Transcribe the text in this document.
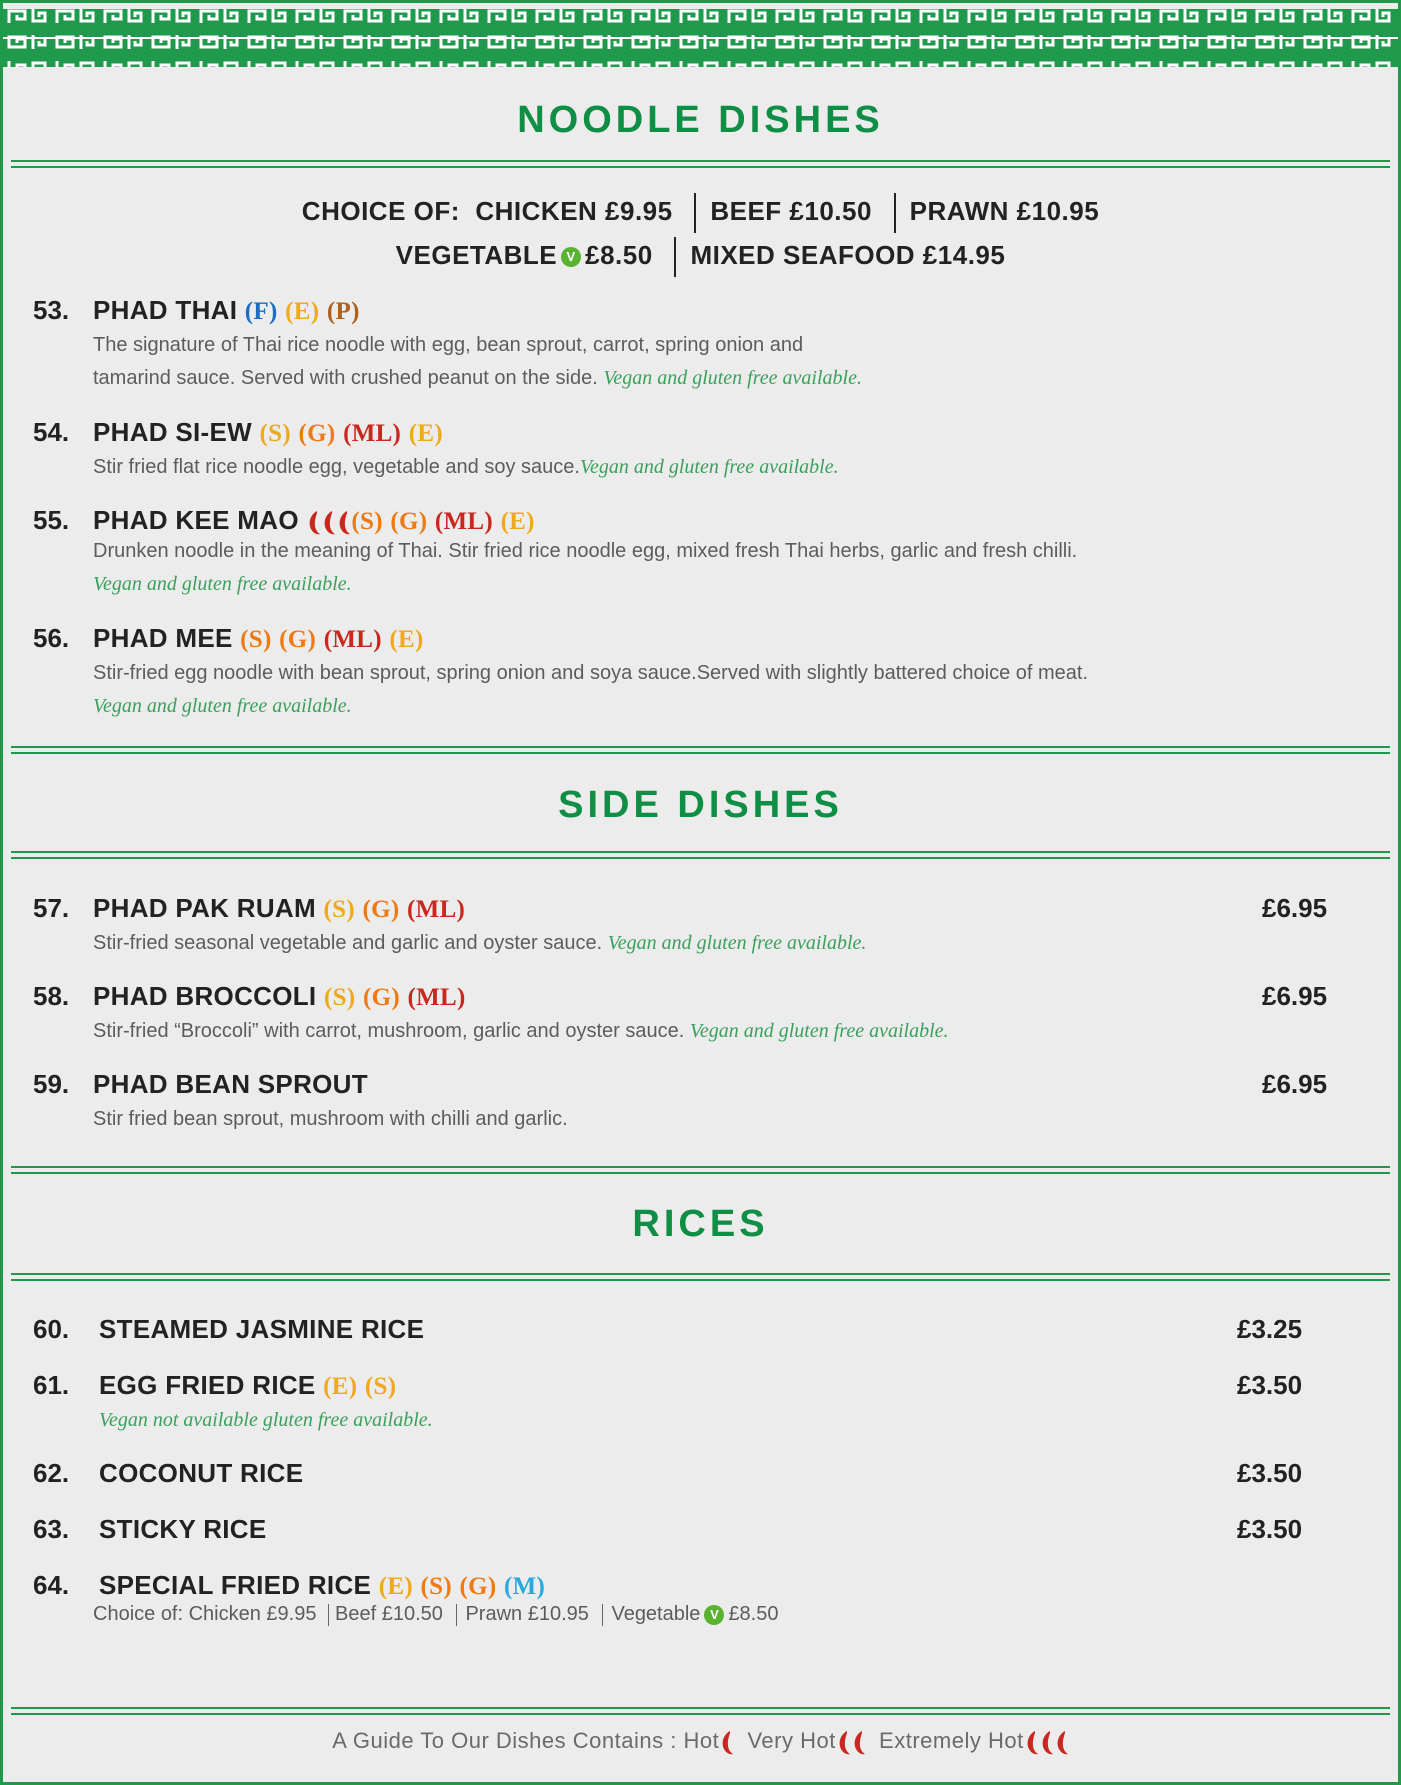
NOODLE DISHES
CHOICE OF: CHICKEN £9.95 BEEF £10.50 PRAWN £10.95
VEGETABLE V £8.50 MIXED SEAFOOD £14.95
53. PHAD THAI (F) (E) (P)
The signature of Thai rice noodle with egg, bean sprout, carrot, spring onion and
tamarind sauce. Served with crushed peanut on the side. Vegan and gluten free available.
54. PHAD SI-EW (S) (G) (ML) (E)
Stir fried flat rice noodle egg, vegetable and soy sauce.Vegan and gluten free available.
55. PHAD KEE MAO (S) (G) (ML) (E)
Drunken noodle in the meaning of Thai. Stir fried rice noodle egg, mixed fresh Thai herbs, garlic and fresh chilli.
Vegan and gluten free available.
56. PHAD MEE (S) (G) (ML) (E)
Stir-fried egg noodle with bean sprout, spring onion and soya sauce.Served with slightly battered choice of meat.
Vegan and gluten free available.
SIDE DISHES
57. PHAD PAK RUAM (S) (G) (ML)	£6.95
Stir-fried seasonal vegetable and garlic and oyster sauce. Vegan and gluten free available.
58. PHAD BROCCOLI (S) (G) (ML)	£6.95
Stir-fried “Broccoli” with carrot, mushroom, garlic and oyster sauce. Vegan and gluten free available.
59. PHAD BEAN SPROUT	£6.95
Stir fried bean sprout, mushroom with chilli and garlic.
RICES
60. STEAMED JASMINE RICE	£3.25
61. EGG FRIED RICE (E) (S)	£3.50
Vegan not available gluten free available.
62. COCONUT RICE	£3.50
63. STICKY RICE	£3.50
64. SPECIAL FRIED RICE (E) (S) (G) (M)
Choice of: Chicken £9.95 Beef £10.50 Prawn £10.95 Vegetable V £8.50
A Guide To Our Dishes Contains : Hot Very Hot Extremely Hot
